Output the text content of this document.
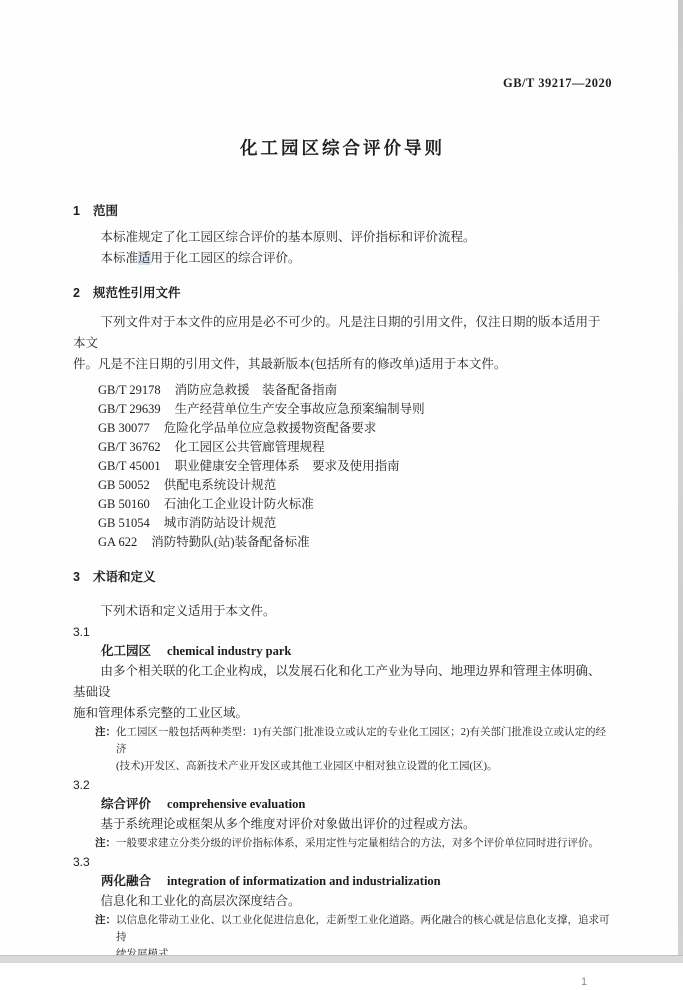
GB/T 39217—2020
化工园区综合评价导则
1 范围
本标准规定了化工园区综合评价的基本原则、评价指标和评价流程。
本标准适用于化工园区的综合评价。
2 规范性引用文件
下列文件对于本文件的应用是必不可少的。凡是注日期的引用文件，仅注日期的版本适用于本文
件。凡是不注日期的引用文件，其最新版本(包括所有的修改单)适用于本文件。
GB/T 29178 消防应急救援　装备配备指南
GB/T 29639 生产经营单位生产安全事故应急预案编制导则
GB 30077 危险化学品单位应急救援物资配备要求
GB/T 36762 化工园区公共管廊管理规程
GB/T 45001 职业健康安全管理体系　要求及使用指南
GB 50052 供配电系统设计规范
GB 50160 石油化工企业设计防火标准
GB 51054 城市消防站设计规范
GA 622 消防特勤队(站)装备配备标准
3 术语和定义
下列术语和定义适用于本文件。
3.1
化工园区 chemical industry park
由多个相关联的化工企业构成，以发展石化和化工产业为导向、地理边界和管理主体明确、基础设
施和管理体系完整的工业区域。
注： 化工园区一般包括两种类型：1)有关部门批准设立或认定的专业化工园区；2)有关部门批准设立或认定的经济
(技术)开发区、高新技术产业开发区或其他工业园区中相对独立设置的化工园(区)。
3.2
综合评价 comprehensive evaluation
基于系统理论或框架从多个维度对评价对象做出评价的过程或方法。
注： 一般要求建立分类分级的评价指标体系，采用定性与定量相结合的方法，对多个评价单位同时进行评价。
3.3
两化融合 integration of informatization and industrialization
信息化和工业化的高层次深度结合。
注： 以信息化带动工业化、以工业化促进信息化，走新型工业化道路。两化融合的核心就是信息化支撑，追求可持
1
